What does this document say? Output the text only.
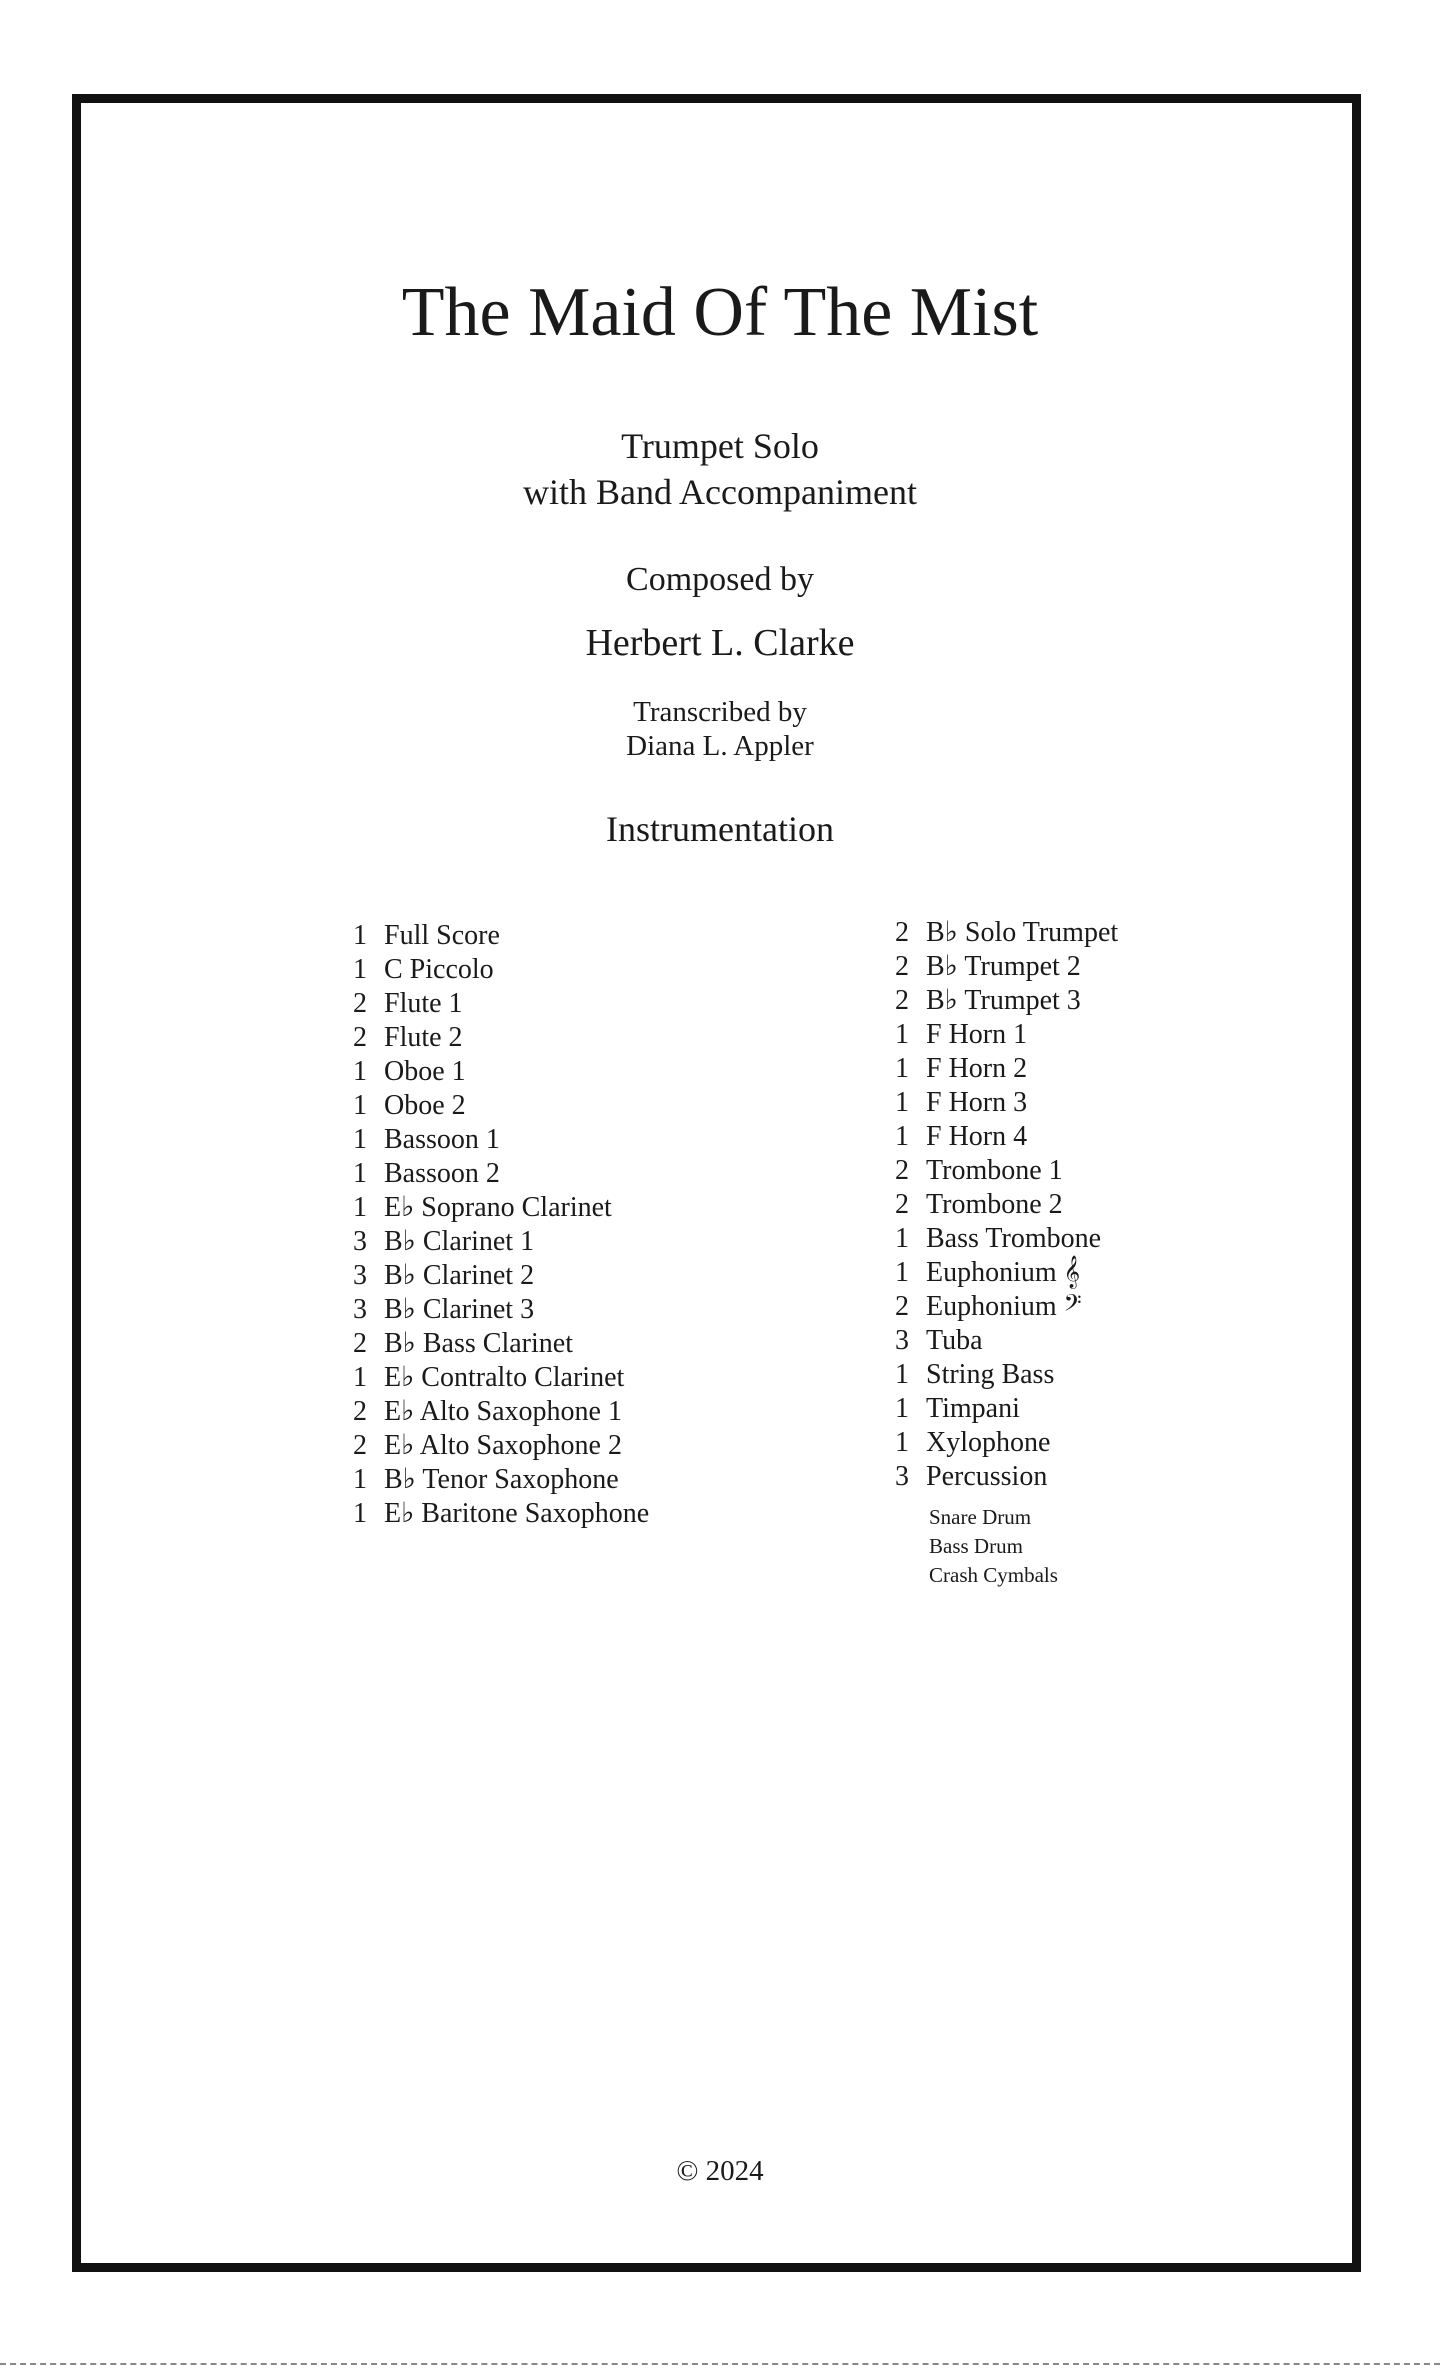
The Maid Of The Mist
Trumpet Solo
with Band Accompaniment
Composed by
Herbert L. Clarke
Transcribed by
Diana L. Appler
Instrumentation
1 Full Score
1 C Piccolo
2 Flute 1
2 Flute 2
1 Oboe 1
1 Oboe 2
1 Bassoon 1
1 Bassoon 2
1 E♭ Soprano Clarinet
3 B♭ Clarinet 1
3 B♭ Clarinet 2
3 B♭ Clarinet 3
2 B♭ Bass Clarinet
1 E♭ Contralto Clarinet
2 E♭ Alto Saxophone 1
2 E♭ Alto Saxophone 2
1 B♭ Tenor Saxophone
1 E♭ Baritone Saxophone
2 B♭ Solo Trumpet
2 B♭ Trumpet 2
2 B♭ Trumpet 3
1 F Horn 1
1 F Horn 2
1 F Horn 3
1 F Horn 4
2 Trombone 1
2 Trombone 2
1 Bass Trombone
1 Euphonium 𝄞
2 Euphonium 𝄢
3 Tuba
1 String Bass
1 Timpani
1 Xylophone
3 Percussion
Snare Drum
Bass Drum
Crash Cymbals
© 2024
